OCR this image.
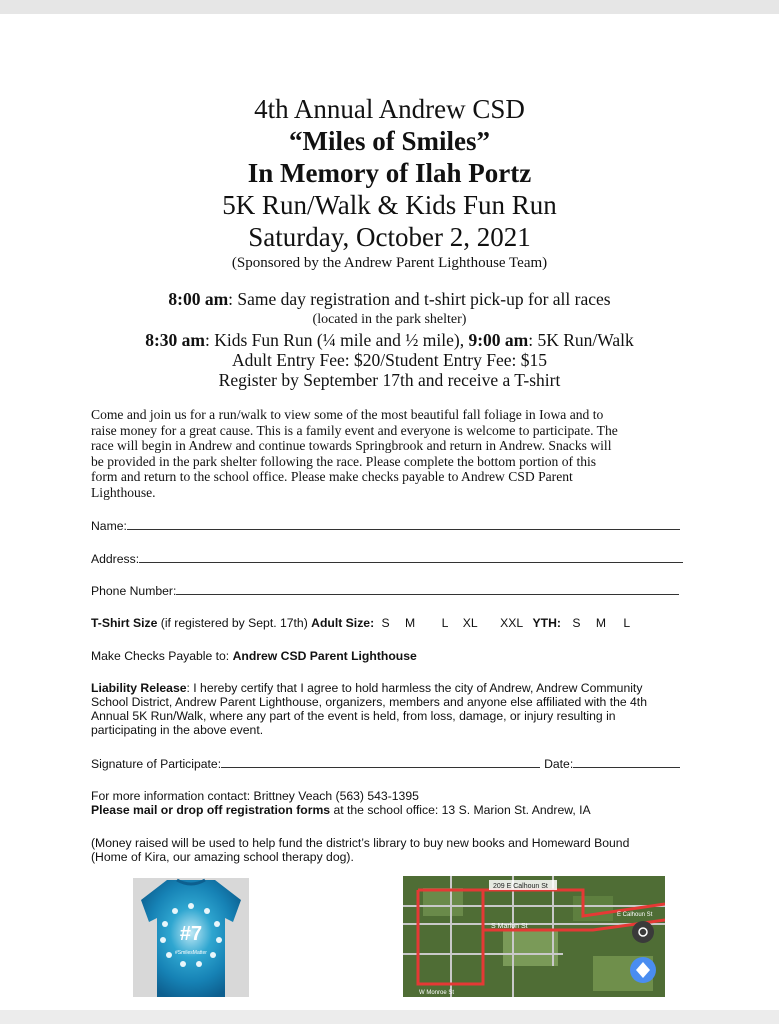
4th Annual Andrew CSD
“Miles of Smiles”
In Memory of Ilah Portz
5K Run/Walk & Kids Fun Run
Saturday, October 2, 2021
(Sponsored by the Andrew Parent Lighthouse Team)
8:00 am: Same day registration and t-shirt pick-up for all races
(located in the park shelter)
8:30 am: Kids Fun Run (¼ mile and ½ mile), 9:00 am: 5K Run/Walk
Adult Entry Fee: $20/Student Entry Fee: $15
Register by September 17th and receive a T-shirt
Come and join us for a run/walk to view some of the most beautiful fall foliage in Iowa and to
raise money for a great cause. This is a family event and everyone is welcome to participate. The
race will begin in Andrew and continue towards Springbrook and return in Andrew. Snacks will
be provided in the park shelter following the race. Please complete the bottom portion of this
form and return to the school office. Please make checks payable to Andrew CSD Parent
Lighthouse.
Name:
Address:
Phone Number:
T-Shirt Size (if registered by Sept. 17th) Adult Size: S M L XL XXL YTH: S M L
Make Checks Payable to: Andrew CSD Parent Lighthouse
Liability Release: I hereby certify that I agree to hold harmless the city of Andrew, Andrew Community
School District, Andrew Parent Lighthouse, organizers, members and anyone else affiliated with the 4th
Annual 5K Run/Walk, where any part of the event is held, from loss, damage, or injury resulting in
participating in the above event.
Signature of Participate:	Date:
For more information contact: Brittney Veach (563) 543-1395
Please mail or drop off registration forms at the school office: 13 S. Marion St. Andrew, IA
(Money raised will be used to help fund the district’s library to buy new books and Homeward Bound
(Home of Kira, our amazing school therapy dog).
#7
#SmilesMatter
209 E Calhoun St
S Marion St
W Monroe St
E Calhoun St
